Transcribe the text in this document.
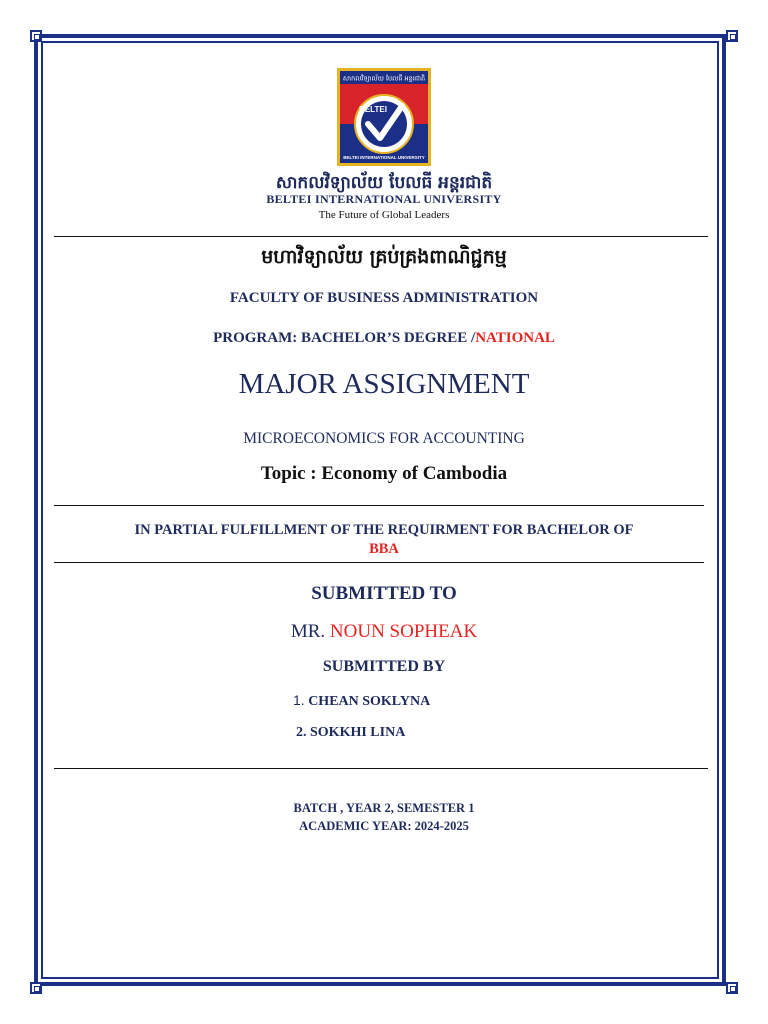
សាកលវិទ្យាល័យ បែលធី អន្តរជាតិ
BELTEI
BELTEI INTERNATIONAL UNIVERSITY
សាកលវិទ្យាល័យ បែលធី អន្តរជាតិ
BELTEI INTERNATIONAL UNIVERSITY
The Future of Global Leaders
មហាវិទ្យាល័យ គ្រប់គ្រងពាណិជ្ជកម្ម
FACULTY OF BUSINESS ADMINISTRATION
PROGRAM: BACHELOR’S DEGREE /NATIONAL
MAJOR ASSIGNMENT
MICROECONOMICS FOR ACCOUNTING
Topic : Economy of Cambodia
IN PARTIAL FULFILLMENT OF THE REQUIRMENT FOR BACHELOR OF
BBA
SUBMITTED TO
MR. NOUN SOPHEAK
SUBMITTED BY
1. CHEAN SOKLYNA
2. SOKKHI LINA
BATCH , YEAR 2, SEMESTER 1
ACADEMIC YEAR: 2024-2025
